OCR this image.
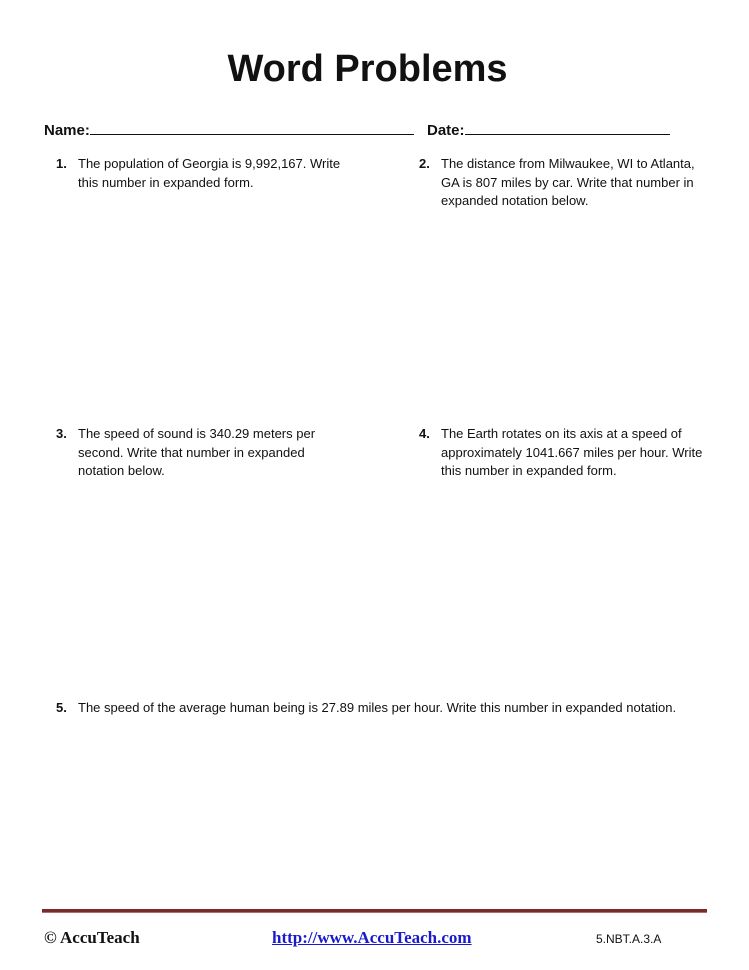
Word Problems
Name:	Date:
1. The population of Georgia is 9,992,167. Write this number in expanded form.
2. The distance from Milwaukee, WI to Atlanta, GA is 807 miles by car. Write that number in expanded notation below.
3. The speed of sound is 340.29 meters per second. Write that number in expanded notation below.
4. The Earth rotates on its axis at a speed of approximately 1041.667 miles per hour. Write this number in expanded form.
5. The speed of the average human being is 27.89 miles per hour. Write this number in expanded notation.
© AccuTeach	http://www.AccuTeach.com	5.NBT.A.3.A
